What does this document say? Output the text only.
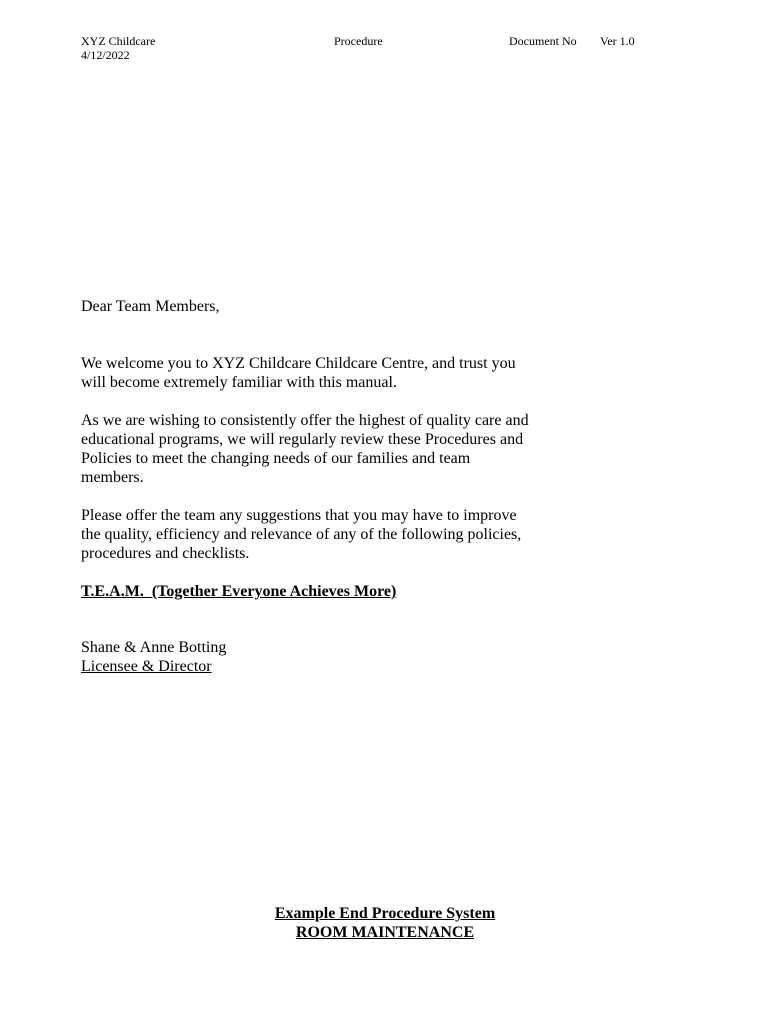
XYZ Childcare
4/12/2022
Procedure	Document No Ver 1.0
Dear Team Members,
We welcome you to XYZ Childcare Childcare Centre, and trust you
will become extremely familiar with this manual.
As we are wishing to consistently offer the highest of quality care and
educational programs, we will regularly review these Procedures and
Policies to meet the changing needs of our families and team
members.
Please offer the team any suggestions that you may have to improve
the quality, efficiency and relevance of any of the following policies,
procedures and checklists.
T.E.A.M.  (Together Everyone Achieves More)
Shane & Anne Botting
Licensee & Director
Example End Procedure System
ROOM MAINTENANCE
